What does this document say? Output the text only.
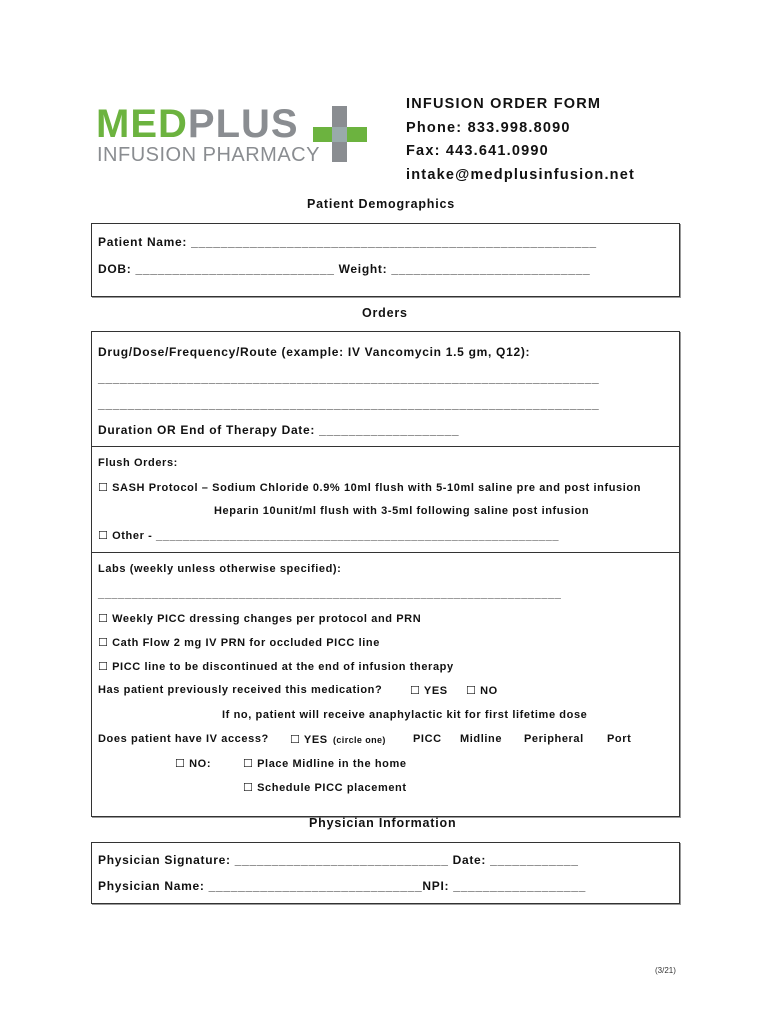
MEDPLUS
INFUSION PHARMACY
INFUSION ORDER FORM
Phone: 833.998.8090
Fax: 443.641.0990
intake@medplusinfusion.net
Patient Demographics
Patient Name: _______________________________________________________
DOB: ___________________________ Weight: ___________________________
Orders
Drug/Dose/Frequency/Route (example: IV Vancomycin 1.5 gm, Q12):
____________________________________________________________________
____________________________________________________________________
Duration OR End of Therapy Date: ___________________
Flush Orders:
☐ SASH Protocol – Sodium Chloride 0.9% 10ml flush with 5-10ml saline pre and post infusion
Heparin 10unit/ml flush with 3-5ml following saline post infusion
☐ Other - ____________________________________________________________
Labs (weekly unless otherwise specified):
_____________________________________________________________________
☐ Weekly PICC dressing changes per protocol and PRN
☐ Cath Flow 2 mg IV PRN for occluded PICC line
☐ PICC line to be discontinued at the end of infusion therapy
Has patient previously received this medication?	☐ YES ☐ NO
If no, patient will receive anaphylactic kit for first lifetime dose
Does patient have IV access? ☐ YES (circle one) PICC Midline Peripheral Port
☐ NO:	☐ Place Midline in the home
☐ Schedule PICC placement
Physician Information
Physician Signature: _____________________________ Date: ____________
Physician Name: _____________________________NPI: __________________
(3/21)
